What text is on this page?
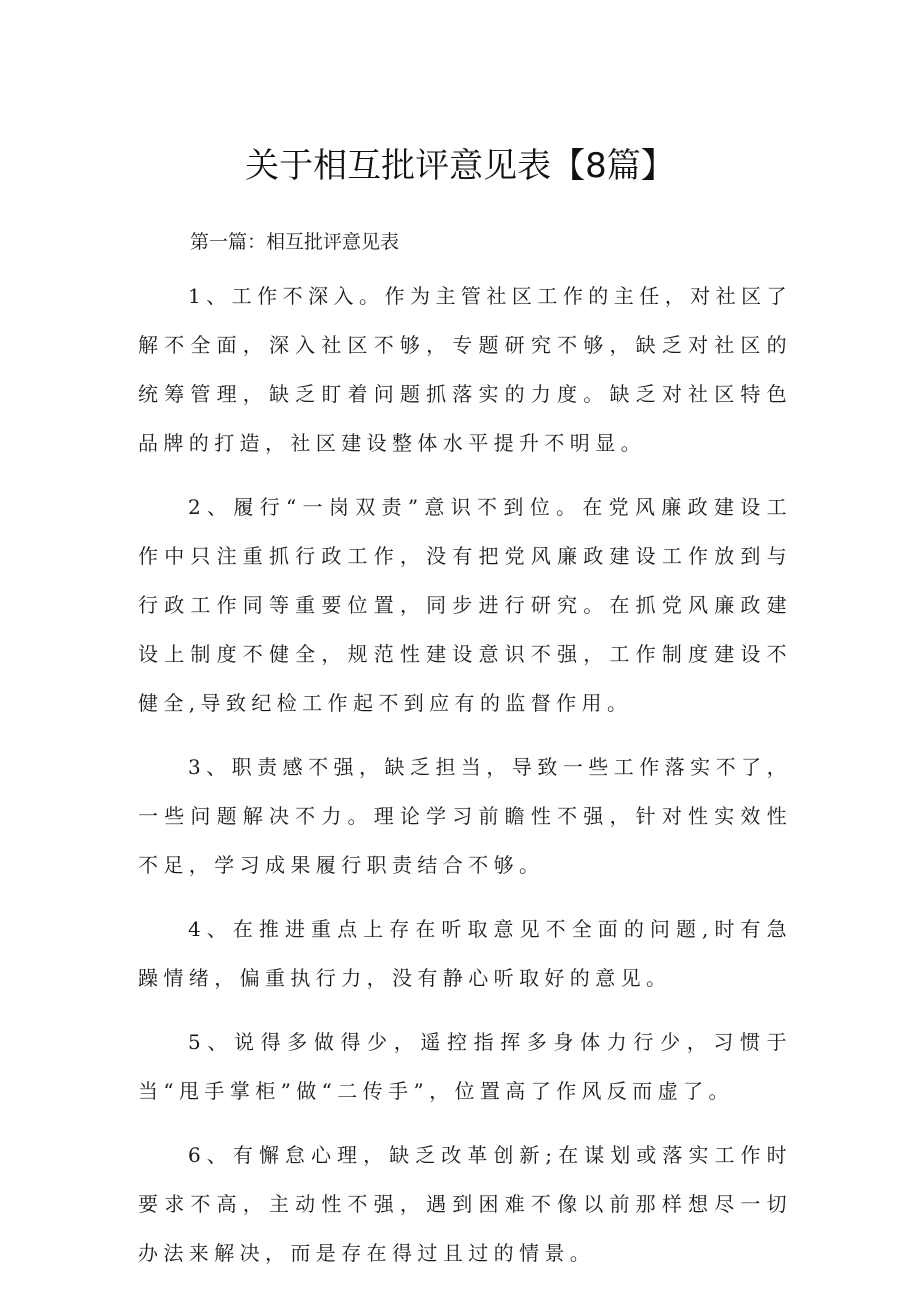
关于相互批评意见表【8篇】

第一篇：相互批评意见表

1、工作不深入。作为主管社区工作的主任，对社区了解不全面，深入社区不够，专题研究不够，缺乏对社区的统筹管理，缺乏盯着问题抓落实的力度。缺乏对社区特色品牌的打造，社区建设整体水平提升不明显。

2、履行“一岗双责”意识不到位。在党风廉政建设工作中只注重抓行政工作，没有把党风廉政建设工作放到与行政工作同等重要位置，同步进行研究。在抓党风廉政建设上制度不健全，规范性建设意识不强，工作制度建设不健全,导致纪检工作起不到应有的监督作用。

3、职责感不强，缺乏担当，导致一些工作落实不了，一些问题解决不力。理论学习前瞻性不强，针对性实效性不足，学习成果履行职责结合不够。

4、在推进重点上存在听取意见不全面的问题,时有急躁情绪，偏重执行力，没有静心听取好的意见。

5、说得多做得少，遥控指挥多身体力行少，习惯于当“甩手掌柜”做“二传手”，位置高了作风反而虚了。

6、有懈怠心理，缺乏改革创新;在谋划或落实工作时要求不高，主动性不强，遇到困难不像以前那样想尽一切办法来解决，而是存在得过且过的情景。
